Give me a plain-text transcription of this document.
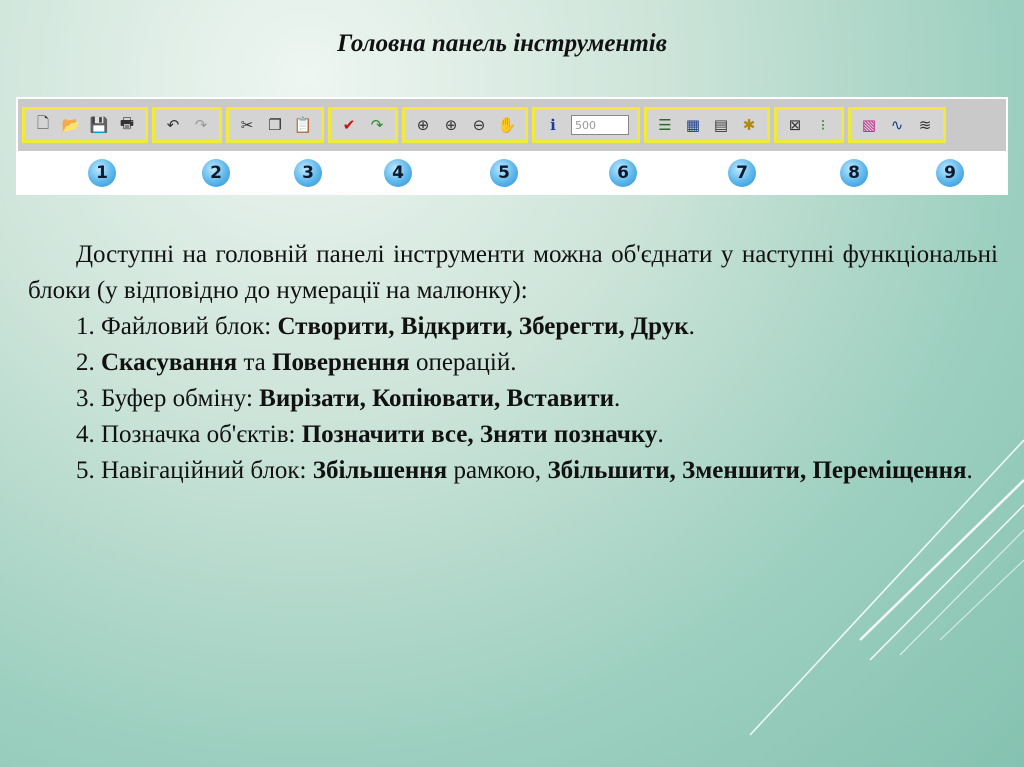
Головна панель інструментів
🗋 📂 💾 🖶	↶	↷	✂ ❐ 📋	✔	↷	⊕	⊕	⊖ ✋	ℹ	500	☰ ▦ ▤ ✱	⊠	⁝	▧ ∿	≋
1	2	3	4	5	6	7	8	9

Доступні на головній панелі інструменти можна об'єднати у наступні функціональні блоки (у відповідно до нумерації на малюнку):

1. Файловий блок: Створити, Відкрити, Зберегти, Друк.

2. Скасування та Повернення операцій.

3. Буфер обміну: Вирізати, Копіювати, Вставити.

4. Позначка об'єктів: Позначити все, Зняти позначку.

5. Навігаційний блок: Збільшення рамкою, Збільшити, Зменшити, Переміщення.
